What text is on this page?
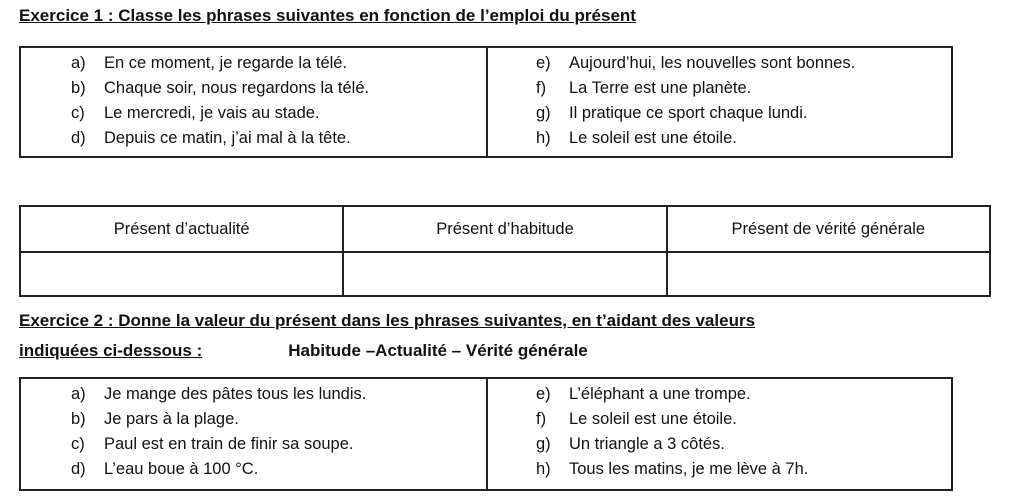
Exercice 1 : Classe les phrases suivantes en fonction de l’emploi du présent
a)	En ce moment, je regarde la télé.
b)	Chaque soir, nous regardons la télé.
c)	Le mercredi, je vais au stade.
d)	Depuis ce matin, j’ai mal à la tête.
e)	Aujourd’hui, les nouvelles sont bonnes.
f)	La Terre est une planète.
g)	Il pratique ce sport chaque lundi.
h)	Le soleil est une étoile.
Présent d’actualité	Présent d’habitude	Présent de vérité générale

Exercice 2 : Donne la valeur du présent dans les phrases suivantes, en t’aidant des valeurs
indiquées ci-dessous :	Habitude –Actualité – Vérité générale
a)	Je mange des pâtes tous les lundis.
b)	Je pars à la plage.
c)	Paul est en train de finir sa soupe.
d)	L’eau boue à 100 °C.
e)	L’éléphant a une trompe.
f)	Le soleil est une étoile.
g)	Un triangle a 3 côtés.
h)	Tous les matins, je me lève à 7h.
